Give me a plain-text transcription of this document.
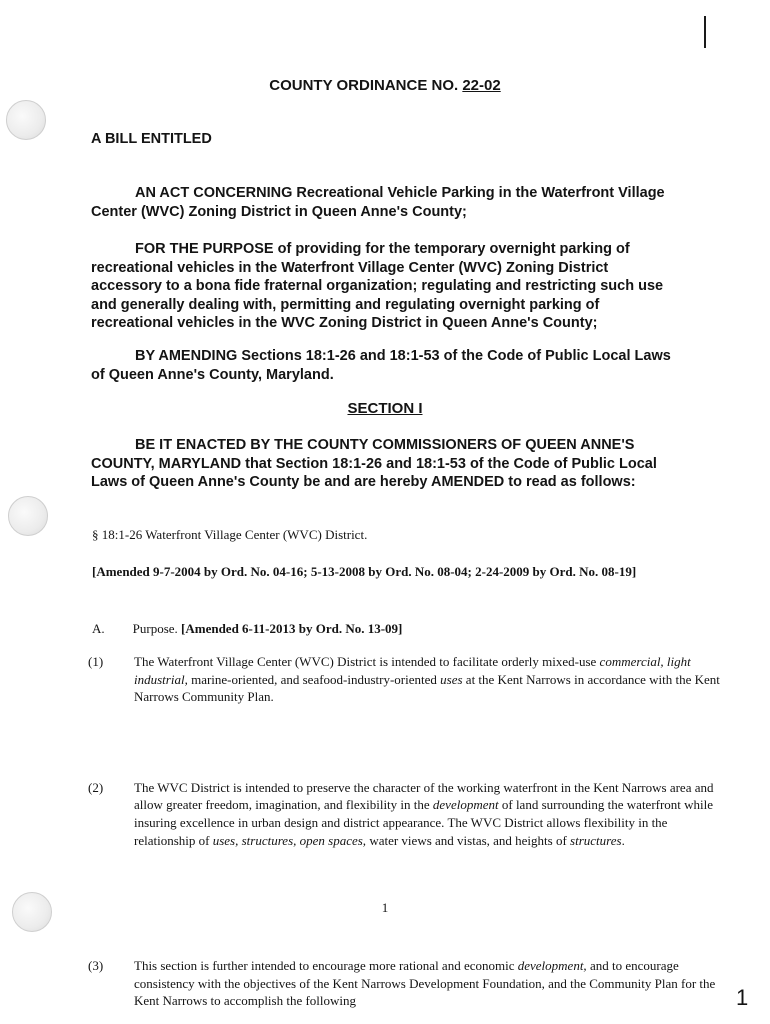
COUNTY ORDINANCE NO. 22-02

A BILL ENTITLED

AN ACT CONCERNING Recreational Vehicle Parking in the Waterfront Village Center (WVC) Zoning District in Queen Anne's County;

FOR THE PURPOSE of providing for the temporary overnight parking of recreational vehicles in the Waterfront Village Center (WVC) Zoning District accessory to a bona fide fraternal organization; regulating and restricting such use and generally dealing with, permitting and regulating overnight parking of recreational vehicles in the WVC Zoning District in Queen Anne's County;

BY AMENDING Sections 18:1-26 and 18:1-53 of the Code of Public Local Laws of Queen Anne's County, Maryland.

SECTION I

BE IT ENACTED BY THE COUNTY COMMISSIONERS OF QUEEN ANNE'S COUNTY, MARYLAND that Section 18:1-26 and 18:1-53 of the Code of Public Local Laws of Queen Anne's County be and are hereby AMENDED to read as follows:

§ 18:1-26 Waterfront Village Center (WVC) District.

[Amended 9-7-2004 by Ord. No. 04-16; 5-13-2008 by Ord. No. 08-04; 2-24-2009 by Ord. No. 08-19]

A. Purpose. [Amended 6-11-2013 by Ord. No. 13-09]

(1) The Waterfront Village Center (WVC) District is intended to facilitate orderly mixed-use commercial, light industrial, marine-oriented, and seafood-industry-oriented uses at the Kent Narrows in accordance with the Kent Narrows Community Plan.
(2) The WVC District is intended to preserve the character of the working waterfront in the Kent Narrows area and allow greater freedom, imagination, and flexibility in the development of land surrounding the waterfront while insuring excellence in urban design and district appearance. The WVC District allows flexibility in the relationship of uses, structures, open spaces, water views and vistas, and heights of structures.
(3) This section is further intended to encourage more rational and economic development, and to encourage consistency with the objectives of the Kent Narrows Development Foundation, and the Community Plan for the Kent Narrows to accomplish the following

1

1
